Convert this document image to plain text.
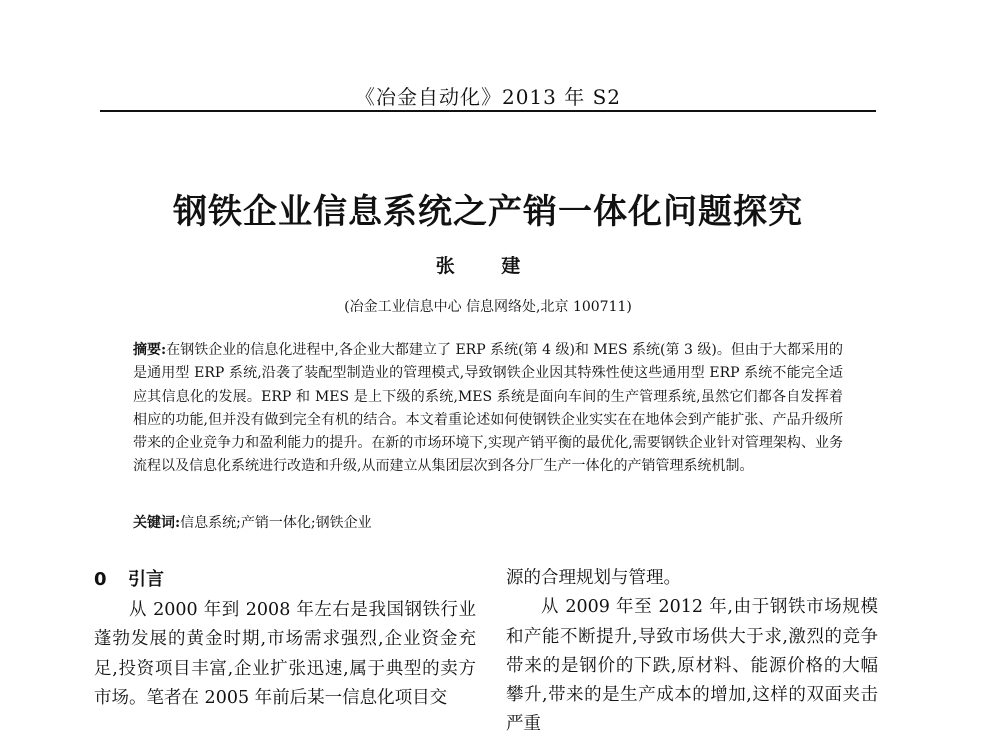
《冶金自动化》2013 年 S2
钢铁企业信息系统之产销一体化问题探究
张 建
(冶金工业信息中心 信息网络处,北京 100711)
摘要:在钢铁企业的信息化进程中,各企业大都建立了 ERP 系统(第 4 级)和 MES 系统(第 3 级)。但由于大都采用的是通用型 ERP 系统,沿袭了装配型制造业的管理模式,导致钢铁企业因其特殊性使这些通用型 ERP 系统不能完全适应其信息化的发展。ERP 和 MES 是上下级的系统,MES 系统是面向车间的生产管理系统,虽然它们都各自发挥着相应的功能,但并没有做到完全有机的结合。本文着重论述如何使钢铁企业实实在在地体会到产能扩张、产品升级所带来的企业竞争力和盈利能力的提升。在新的市场环境下,实现产销平衡的最优化,需要钢铁企业针对管理架构、业务流程以及信息化系统进行改造和升级,从而建立从集团层次到各分厂生产一体化的产销管理系统机制。
关键词:信息系统;产销一体化;钢铁企业
0 引言

从 2000 年到 2008 年左右是我国钢铁行业蓬勃发展的黄金时期,市场需求强烈,企业资金充足,投资项目丰富,企业扩张迅速,属于典型的卖方市场。笔者在 2005 年前后某一信息化项目交

源的合理规划与管理。

从 2009 年至 2012 年,由于钢铁市场规模和产能不断提升,导致市场供大于求,激烈的竞争带来的是钢价的下跌,原材料、能源价格的大幅攀升,带来的是生产成本的增加,这样的双面夹击严重
